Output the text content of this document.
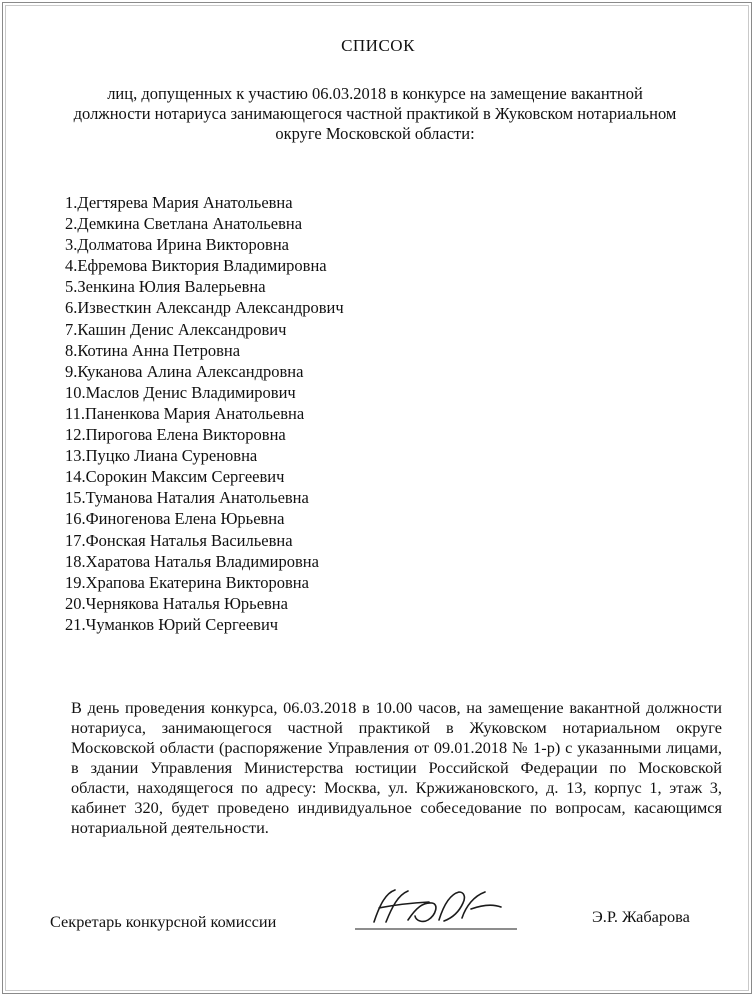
СПИСОК
лиц, допущенных к участию 06.03.2018 в конкурсе на замещение вакантной должности нотариуса занимающегося частной практикой в Жуковском нотариальном округе Московской области:
1.Дегтярева Мария Анатольевна
2.Демкина Светлана Анатольевна
3.Долматова Ирина Викторовна
4.Ефремова Виктория Владимировна
5.Зенкина Юлия Валерьевна
6.Известкин Александр Александрович
7.Кашин Денис Александрович
8.Котина Анна Петровна
9.Куканова Алина Александровна
10.Маслов Денис Владимирович
11.Паненкова Мария Анатольевна
12.Пирогова Елена Викторовна
13.Пуцко Лиана Суреновна
14.Сорокин Максим Сергеевич
15.Туманова Наталия Анатольевна
16.Финогенова Елена Юрьевна
17.Фонская Наталья Васильевна
18.Харатова Наталья Владимировна
19.Храпова Екатерина Викторовна
20.Чернякова Наталья Юрьевна
21.Чуманков Юрий Сергеевич

В день проведения конкурса, 06.03.2018 в 10.00 часов, на замещение вакантной должности нотариуса, занимающегося частной практикой в Жуковском нотариальном округе Московской области (распоряжение Управления от 09.01.2018 № 1-р) с указанными лицами, в здании Управления Министерства юстиции Российской Федерации по Московской области, находящегося по адресу: Москва, ул. Кржижановского, д. 13, корпус 1, этаж 3, кабинет 320, будет проведено индивидуальное собеседование по вопросам, касающимся нотариальной деятельности.

Секретарь конкурсной комиссии	Э.Р. Жабарова
